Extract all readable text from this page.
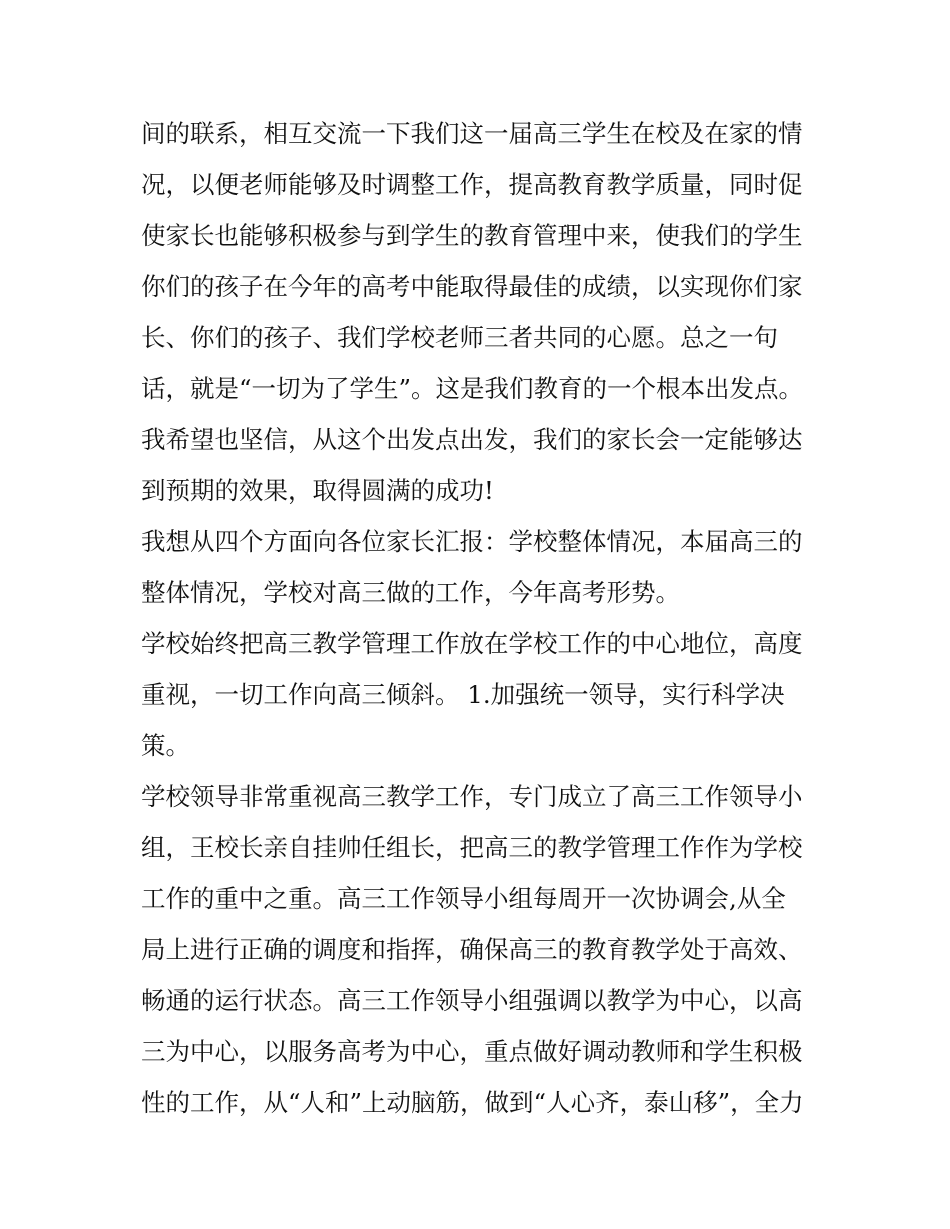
间的联系，相互交流一下我们这一届高三学生在校及在家的情
况，以便老师能够及时调整工作，提高教育教学质量，同时促
使家长也能够积极参与到学生的教育管理中来，使我们的学生
你们的孩子在今年的高考中能取得最佳的成绩，以实现你们家
长、你们的孩子、我们学校老师三者共同的心愿。总之一句
话，就是“一切为了学生”。这是我们教育的一个根本出发点。
我希望也坚信，从这个出发点出发，我们的家长会一定能够达
到预期的效果，取得圆满的成功!
我想从四个方面向各位家长汇报：学校整体情况，本届高三的
整体情况，学校对高三做的工作，今年高考形势。
学校始终把高三教学管理工作放在学校工作的中心地位，高度
重视，一切工作向高三倾斜。 1.加强统一领导，实行科学决
策。
学校领导非常重视高三教学工作，专门成立了高三工作领导小
组，王校长亲自挂帅任组长，把高三的教学管理工作作为学校
工作的重中之重。高三工作领导小组每周开一次协调会,从全
局上进行正确的调度和指挥，确保高三的教育教学处于高效、
畅通的运行状态。高三工作领导小组强调以教学为中心，以高
三为中心，以服务高考为中心，重点做好调动教师和学生积极
性的工作，从“人和”上动脑筋，做到“人心齐，泰山移”，全力
